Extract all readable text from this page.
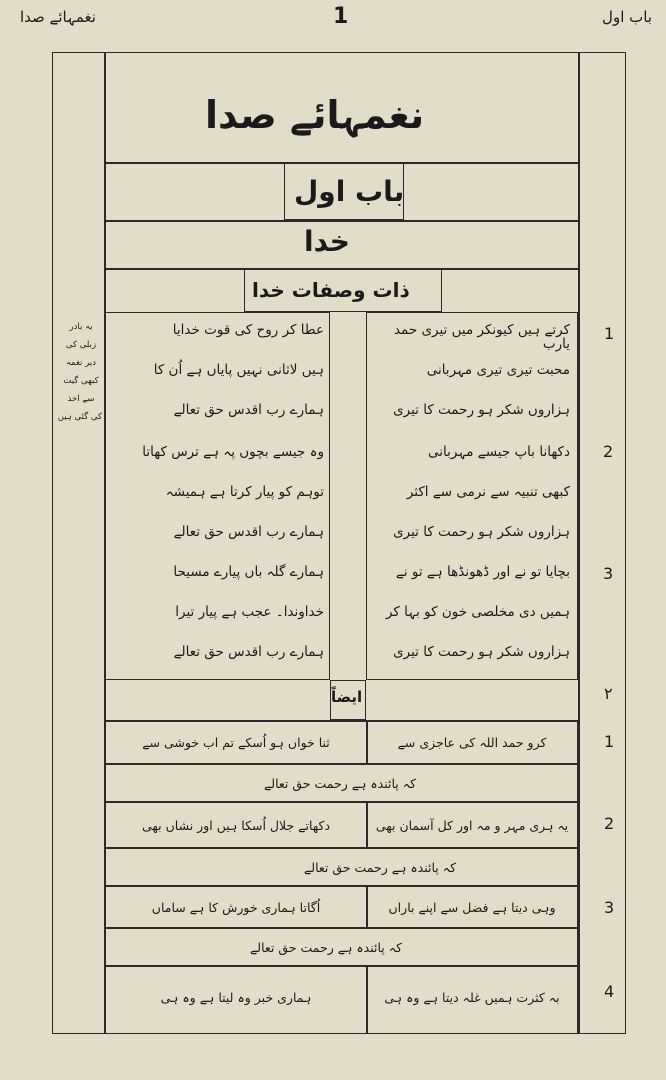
باب اول
1
نغمہائے صدا
نغمہائے صدا
باب اول
خدا
ذات وصفات خدا
بہ بادر
زبلی کی
دیر نغمہ
کبھی گیت
سے اخذ
کی گئی ہیں
1
2
3
کرتے ہیں کیونکر میں تیری حمد یارب
محبت تیری تیری مہربانی
ہزاروں شکر ہو رحمت کا تیری
دکھانا باپ جیسے مہربانی
کبھی تنبیہ سے نرمی سے اکثر
ہزاروں شکر ہو رحمت کا تیری
بچایا تو نے اور ڈھونڈھا ہے تو نے
ہمیں دی مخلصی خون کو بہا کر
ہزاروں شکر ہو رحمت کا تیری
عطا کر روح کی قوت خدایا
ہیں لاثانی نہیں پایاں ہے اُن کا
ہمارے رب اقدس حق تعالے
وہ جیسے بچوں پہ ہے ترس کھاتا
توہم کو پیار کرتا ہے ہمیشہ
ہمارے رب اقدس حق تعالے
ہمارے گلہ باں پیارے مسیحا
خداوندا۔ عجب ہے پیار تیرا
ہمارے رب اقدس حق تعالے
ایضاً	۲
1
کرو حمد اللہ کی عاجزی سے
ثنا خواں ہو اُسکے تم اب خوشی سے
کہ پائندہ ہے رحمت حق تعالے
2
یہ ہری مہر و مہ اور کل آسمان بھی
دکھاتے جلال اُسکا ہیں اور نشاں بھی
کہ پائندہ ہے رحمت حق تعالے
3
وہی دیتا ہے فضل سے اپنے باراں
اُگاتا ہماری خورش کا ہے ساماں
کہ پائندہ ہے رحمت حق تعالے
4
بہ کثرت ہمیں غلہ دیتا ہے وہ ہی
ہماری خبر وہ لیتا ہے وہ ہی
